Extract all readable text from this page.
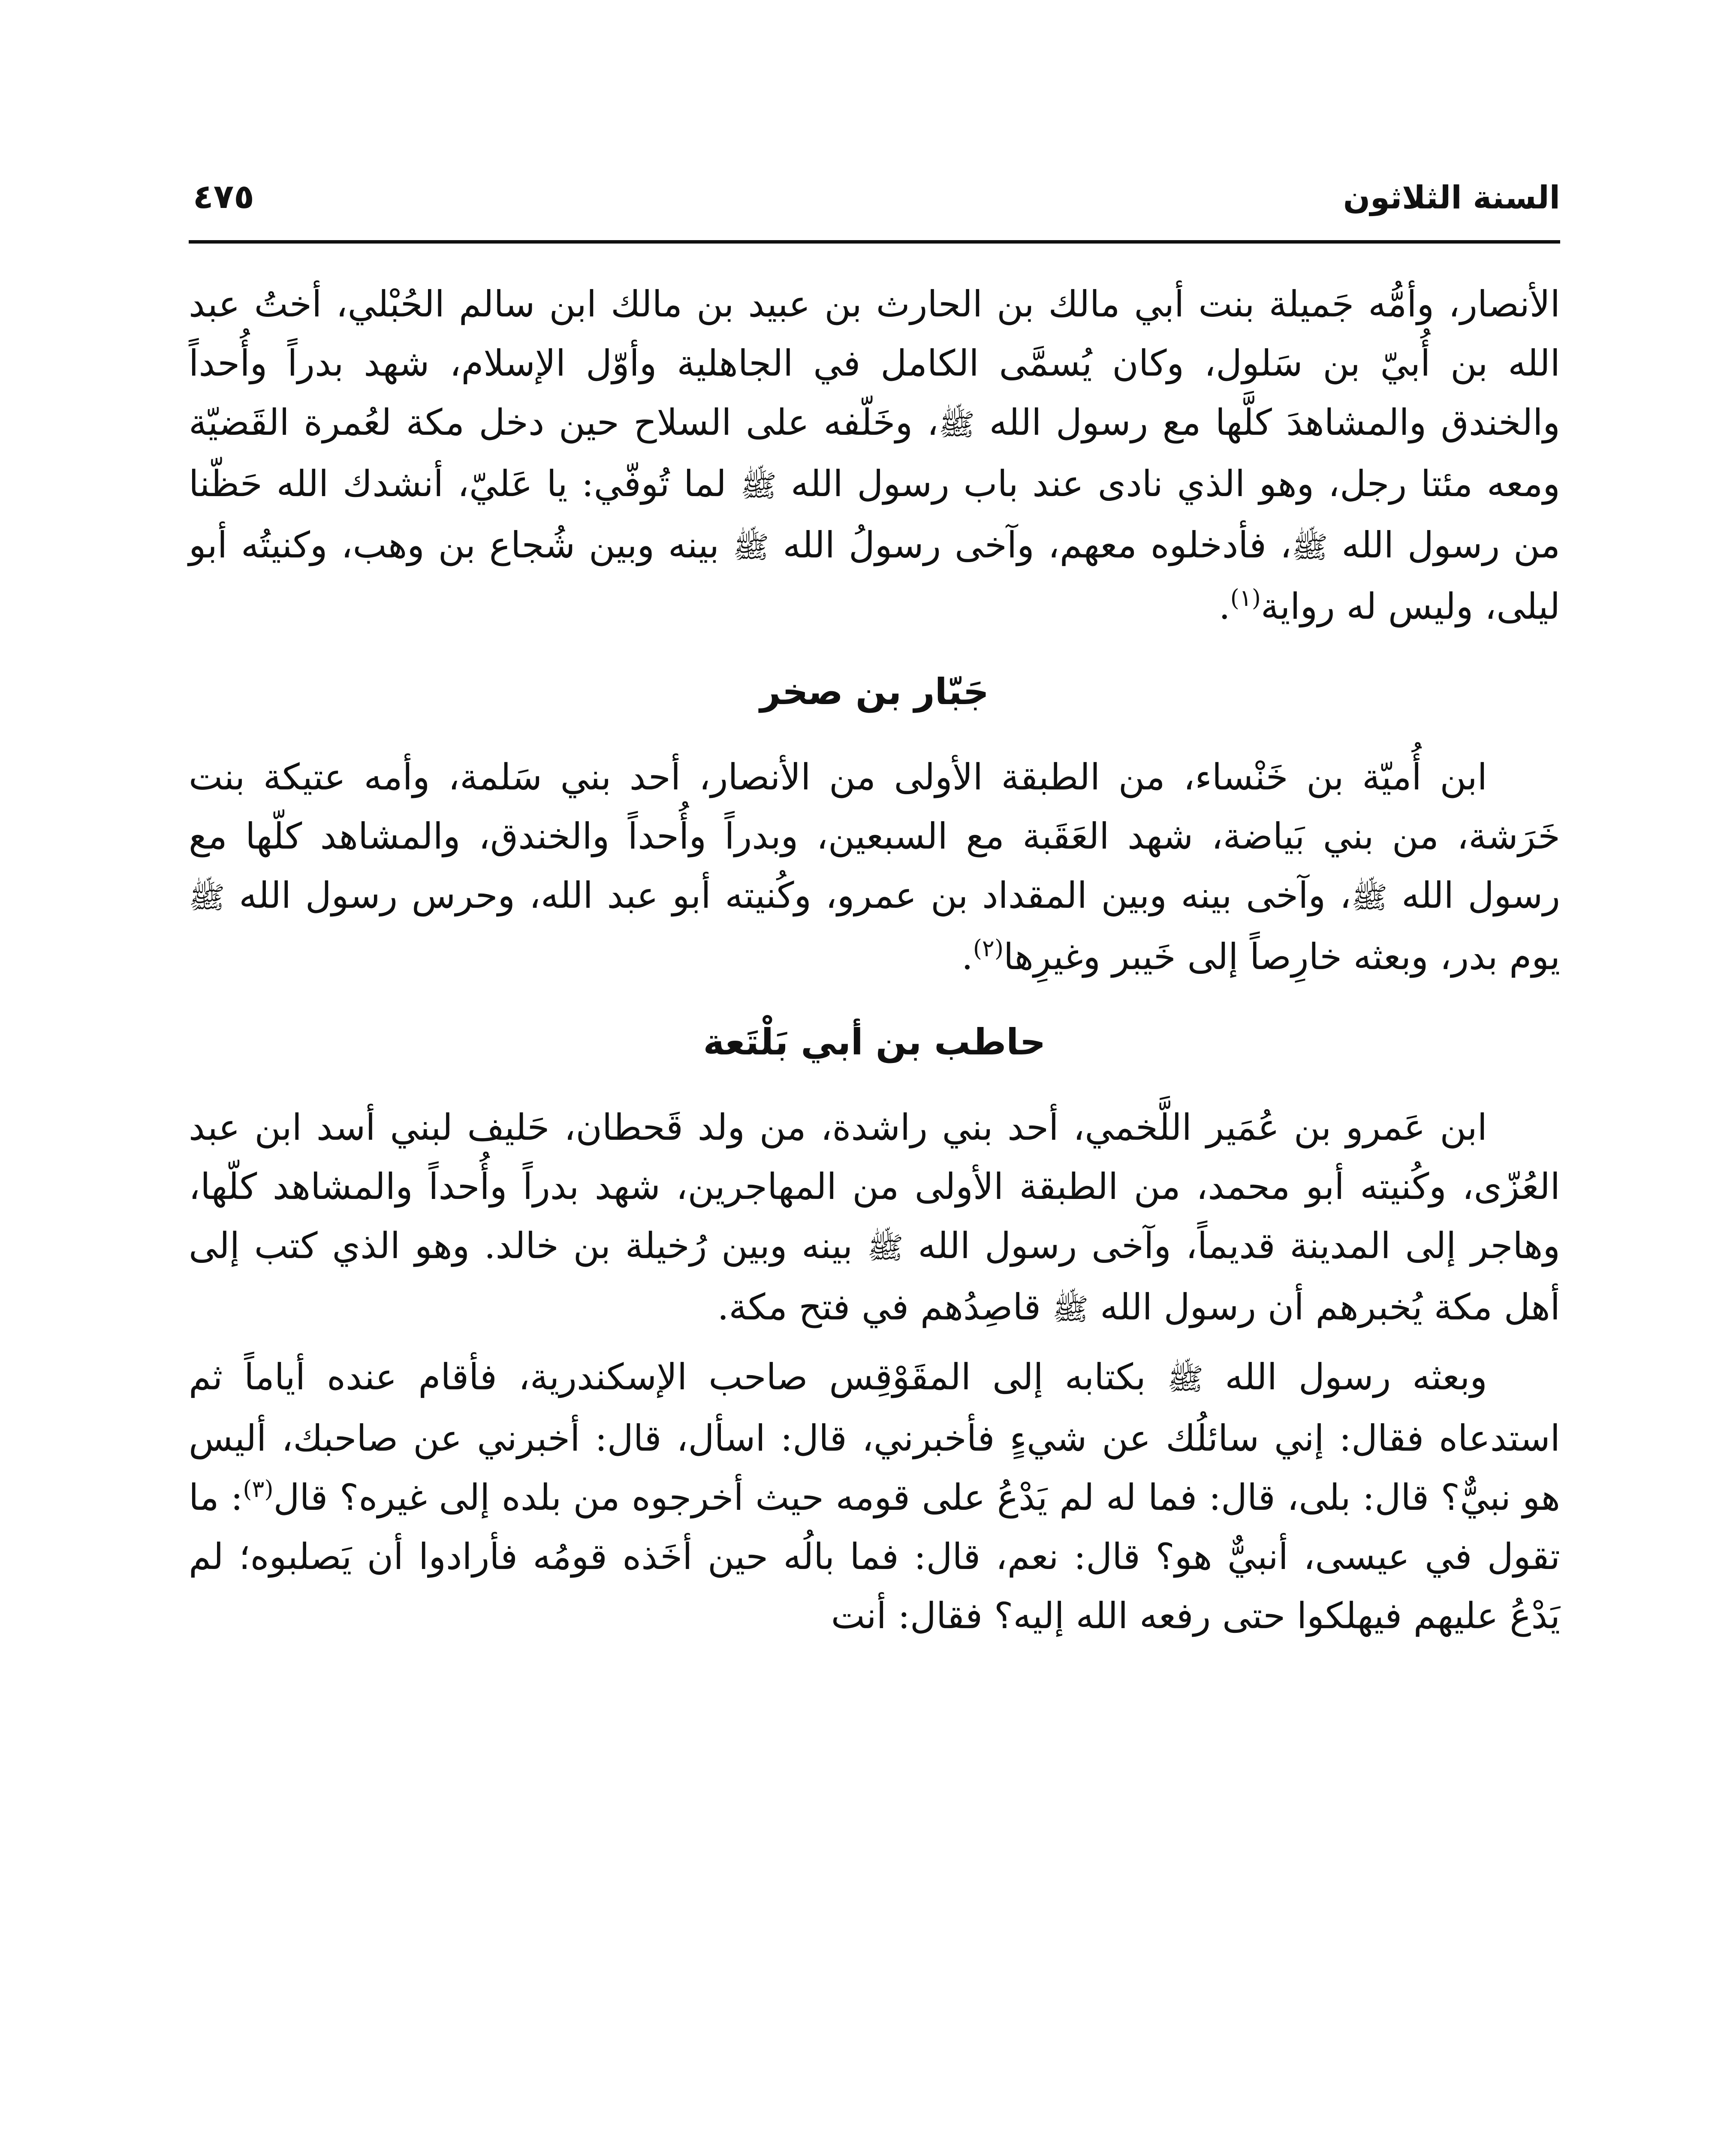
السنة الثلاثون
٤٧٥

الأنصار، وأمُّه جَميلة بنت أبي مالك بن الحارث بن عبيد بن مالك ابن سالم الحُبْلي، أختُ عبد الله بن أُبيّ بن سَلول، وكان يُسمَّى الكامل في الجاهلية وأوّل الإسلام، شهد بدراً وأُحداً والخندق والمشاهدَ كلَّها مع رسول الله ﷺ، وخَلّفه على السلاح حين دخل مكة لعُمرة القَضيّة ومعه مئتا رجل، وهو الذي نادى عند باب رسول الله ﷺ لما تُوفّي: يا عَليّ، أنشدك الله حَظّنا من رسول الله ﷺ، فأدخلوه معهم، وآخى رسولُ الله ﷺ بينه وبين شُجاع بن وهب، وكنيتُه أبو ليلى، وليس له رواية$^{(١)}$.

جَبّار بن صخر

ابن أُميّة بن خَنْساء، من الطبقة الأولى من الأنصار، أحد بني سَلمة، وأمه عتيكة بنت خَرَشة، من بني بَياضة، شهد العَقَبة مع السبعين، وبدراً وأُحداً والخندق، والمشاهد كلّها مع رسول الله ﷺ، وآخى بينه وبين المقداد بن عمرو، وكُنيته أبو عبد الله، وحرس رسول الله ﷺ يوم بدر، وبعثه خارِصاً إلى خَيبر وغيرِها$^{(٢)}$.

حاطب بن أبي بَلْتَعة

ابن عَمرو بن عُمَير اللَّخمي، أحد بني راشدة، من ولد قَحطان، حَليف لبني أسد ابن عبد العُزّى، وكُنيته أبو محمد، من الطبقة الأولى من المهاجرين، شهد بدراً وأُحداً والمشاهد كلّها، وهاجر إلى المدينة قديماً، وآخى رسول الله ﷺ بينه وبين رُخيلة بن خالد. وهو الذي كتب إلى أهل مكة يُخبرهم أن رسول الله ﷺ قاصِدُهم في فتح مكة.

وبعثه رسول الله ﷺ بكتابه إلى المقَوْقِس صاحب الإسكندرية، فأقام عنده أياماً ثم استدعاه فقال: إني سائلُك عن شيءٍ فأخبرني، قال: اسأل، قال: أخبرني عن صاحبك، أليس هو نبيٌّ؟ قال: بلى، قال: فما له لم يَدْعُ على قومه حيث أخرجوه من بلده إلى غيره؟ قال$^{(٣)}$: ما تقول في عيسى، أنبيٌّ هو؟ قال: نعم، قال: فما بالُه حين أخَذه قومُه فأرادوا أن يَصلبوه؛ لم يَدْعُ عليهم فيهلكوا حتى رفعه الله إليه؟ فقال: أنت
